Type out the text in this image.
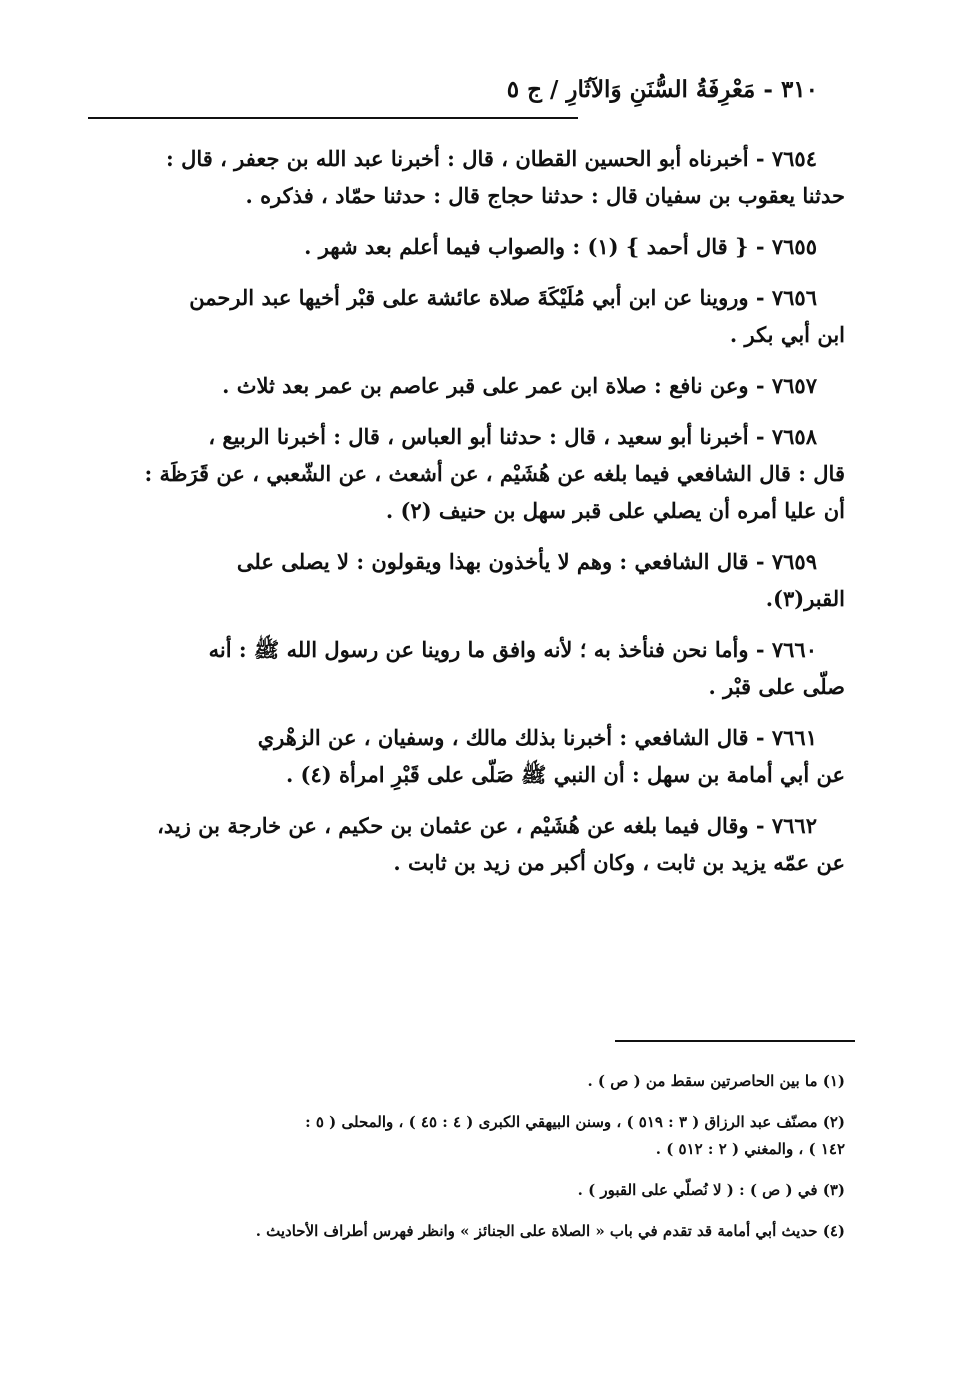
٣١٠ - مَعْرِفَةُ السُّنَنِ وَالآثَارِ / ج ٥

٧٦٥٤ - أخبرناه أبو الحسين القطان ، قال : أخبرنا عبد الله بن جعفر ، قال :
حدثنا يعقوب بن سفيان قال : حدثنا حجاج قال : حدثنا حمّاد ، فذكره .

٧٦٥٥ - { قال أحمد } (١) : والصواب فيما أعلم بعد شهر .

٧٦٥٦ - وروينا عن ابن أبي مُلَيْكَةَ صلاة عائشة على قبْر أخيها عبد الرحمن
ابن أبي بكر .

٧٦٥٧ - وعن نافع : صلاة ابن عمر على قبر عاصم بن عمر بعد ثلاث .

٧٦٥٨ - أخبرنا أبو سعيد ، قال : حدثنا أبو العباس ، قال : أخبرنا الربيع ،
قال : قال الشافعي فيما بلغه عن هُشَيْم ، عن أشعث ، عن الشّعبي ، عن قَرَظَة :
أن عليا أمره أن يصلي على قبر سهل بن حنيف (٢) .

٧٦٥٩ - قال الشافعي : وهم لا يأخذون بهذا ويقولون : لا يصلى على
القبر(٣).

٧٦٦٠ - وأما نحن فنأخذ به ؛ لأنه وافق ما روينا عن رسول الله ﷺ : أنه
صلّى على قبْر .

٧٦٦١ - قال الشافعي : أخبرنا بذلك مالك ، وسفيان ، عن الزهْري
عن أبي أمامة بن سهل : أن النبي ﷺ صَلّى على قَبْرِ امرأة (٤) .

٧٦٦٢ - وقال فيما بلغه عن هُشَيْم ، عن عثمان بن حكيم ، عن خارجة بن زيد،
عن عمّه يزيد بن ثابت ، وكان أكبر من زيد بن ثابت .

(١) ما بين الحاصرتين سقط من ( ص ) .

(٢) مصنّف عبد الرزاق ( ٣ : ٥١٩ ) ، وسنن البيهقي الكبرى ( ٤ : ٤٥ ) ، والمحلى ( ٥ :
١٤٢ ) ، والمغني ( ٢ : ٥١٢ ) .

(٣) في ( ص ) : ( لا نُصلّي على القبور ) .

(٤) حديث أبي أمامة قد تقدم في باب « الصلاة على الجنائز » وانظر فهرس أطراف الأحاديث .
